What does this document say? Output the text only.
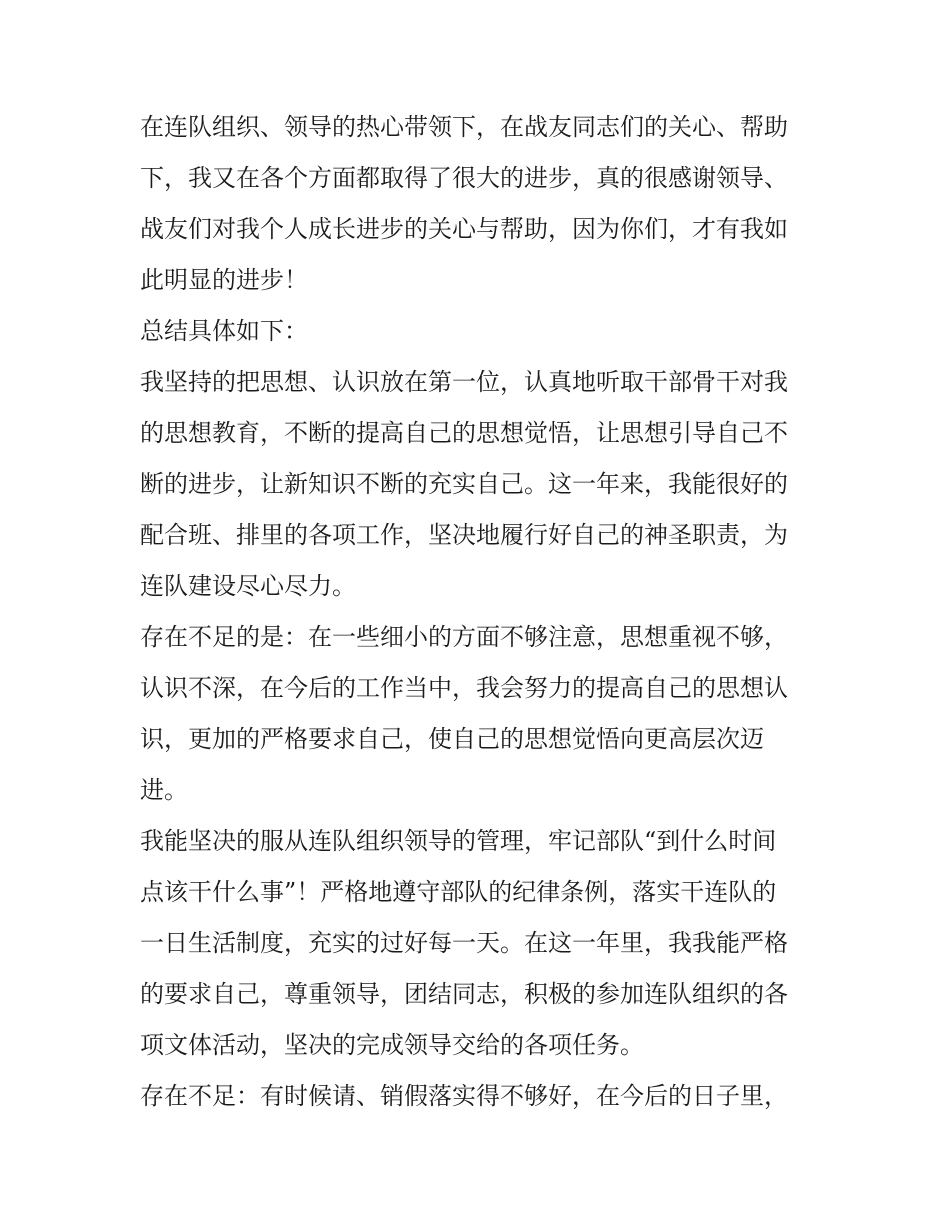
在连队组织、领导的热心带领下，在战友同志们的关心、帮助
下，我又在各个方面都取得了很大的进步，真的很感谢领导、
战友们对我个人成长进步的关心与帮助，因为你们，才有我如
此明显的进步！
总结具体如下：
我坚持的把思想、认识放在第一位，认真地听取干部骨干对我
的思想教育，不断的提高自己的思想觉悟，让思想引导自己不
断的进步，让新知识不断的充实自己。这一年来，我能很好的
配合班、排里的各项工作，坚决地履行好自己的神圣职责，为
连队建设尽心尽力。
存在不足的是：在一些细小的方面不够注意，思想重视不够，
认识不深，在今后的工作当中，我会努力的提高自己的思想认
识，更加的严格要求自己，使自己的思想觉悟向更高层次迈
进。
我能坚决的服从连队组织领导的管理，牢记部队“到什么时间
点该干什么事”！严格地遵守部队的纪律条例，落实干连队的
一日生活制度，充实的过好每一天。在这一年里，我我能严格
的要求自己，尊重领导，团结同志，积极的参加连队组织的各
项文体活动，坚决的完成领导交给的各项任务。
存在不足：有时候请、销假落实得不够好，在今后的日子里，
